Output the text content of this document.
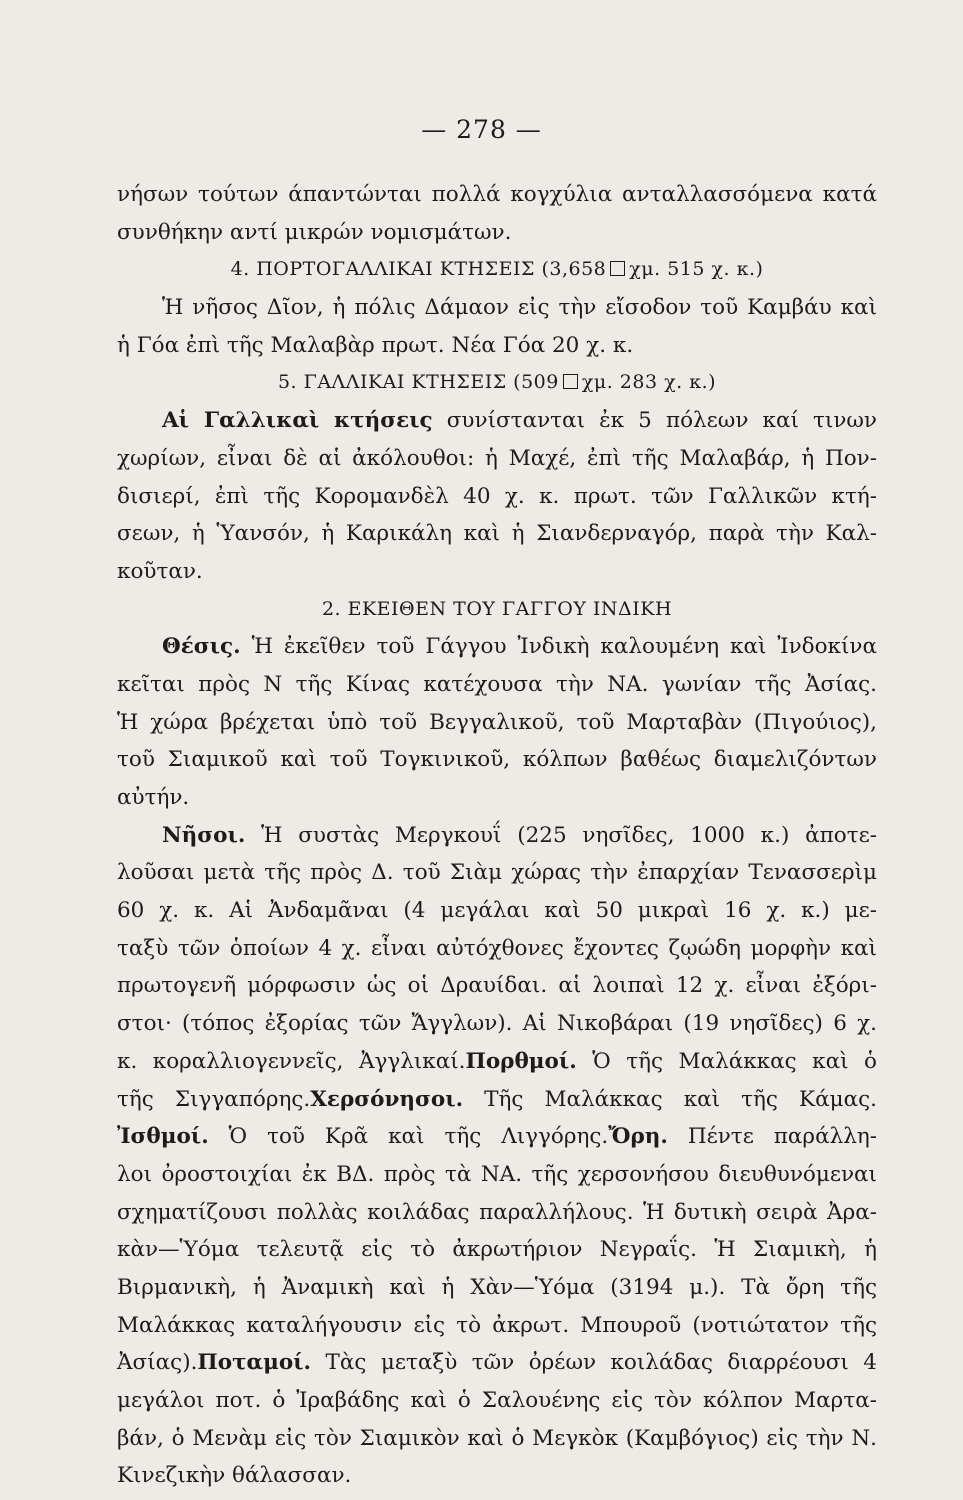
— 278 —
νήσων τούτων άπαντώνται πολλά κογχύλια ανταλλασσόμενα κατά
συνθήκην αντί μικρών νομισμάτων.
4. ΠΟΡΤΟΓΑΛΛΙΚΑΙ ΚΤΗΣΕΙΣ (3,658 χμ. 515 χ. κ.)
Ἡ νῆσος Δῖον, ἡ πόλις Δάμαον εἰς τὴν εἴσοδον τοῦ Καμβάυ καὶ
ἡ Γόα ἐπὶ τῆς Μαλαβὰρ πρωτ. Νέα Γόα 20 χ. κ.
5. ΓΑΛΛΙΚΑΙ ΚΤΗΣΕΙΣ (509 χμ. 283 χ. κ.)
Αἱ Γαλλικαὶ κτήσεις συνίστανται ἐκ 5 πόλεων καί τινων
χωρίων, εἶναι δὲ αἱ ἀκόλουθοι: ἡ Μαχέ, ἐπὶ τῆς Μαλαβάρ, ἡ Πον-
δισιερί, ἐπὶ τῆς Κορομανδὲλ 40 χ. κ. πρωτ. τῶν Γαλλικῶν κτή-
σεων, ἡ Ὑανσόν, ἡ Καρικάλη καὶ ἡ Σιανδερναγόρ, παρὰ τὴν Καλ-
κοῦταν.
2. ΕΚΕΙΘΕΝ ΤΟΥ ΓΑΓΓΟΥ ΙΝΔΙΚΗ
Θέσις. Ἡ ἐκεῖθεν τοῦ Γάγγου Ἰνδικὴ καλουμένη καὶ Ἰνδοκίνα
κεῖται πρὸς Ν τῆς Κίνας κατέχουσα τὴν ΝΑ. γωνίαν τῆς Ἀσίας.
Ἡ χώρα βρέχεται ὑπὸ τοῦ Βεγγαλικοῦ, τοῦ Μαρταβὰν (Πιγούιος),
τοῦ Σιαμικοῦ καὶ τοῦ Τογκινικοῦ, κόλπων βαθέως διαμελιζόντων
αὐτήν.
Νῆσοι. Ἡ συστὰς Μεργκουΐ (225 νησῖδες, 1000 κ.) ἀποτε-
λοῦσαι μετὰ τῆς πρὸς Δ. τοῦ Σιὰμ χώρας τὴν ἐπαρχίαν Τενασσερὶμ
60 χ. κ. Αἱ Ἀνδαμᾶναι (4 μεγάλαι καὶ 50 μικραὶ 16 χ. κ.) με-
ταξὺ τῶν ὁποίων 4 χ. εἶναι αὐτόχθονες ἔχοντες ζῳώδη μορφὴν καὶ
πρωτογενῆ μόρφωσιν ὡς οἱ Δραυίδαι. αἱ λοιπαὶ 12 χ. εἶναι ἐξόρι-
στοι· (τόπος ἐξορίας τῶν Ἄγγλων). Αἱ Νικοβάραι (19 νησῖδες) 6 χ.
κ. κοραλλιογεννεῖς, Ἀγγλικαί.Πορθμοί. Ὁ τῆς Μαλάκκας καὶ ὁ
τῆς Σιγγαπόρης.Χερσόνησοι. Τῆς Μαλάκκας καὶ τῆς Κάμας.
Ἰσθμοί. Ὁ τοῦ Κρᾶ καὶ τῆς Λιγγόρης.Ὄρη. Πέντε παράλλη-
λοι ὀροστοιχίαι ἐκ ΒΔ. πρὸς τὰ ΝΑ. τῆς χερσονήσου διευθυνόμεναι
σχηματίζουσι πολλὰς κοιλάδας παραλλήλους. Ἡ δυτικὴ σειρὰ Ἀρα-
κὰν—Ὑόμα τελευτᾷ εἰς τὸ ἀκρωτήριον Νεγραΐς. Ἡ Σιαμικὴ, ἡ
Βιρμανικὴ, ἡ Ἀναμικὴ καὶ ἡ Χὰν—Ὑόμα (3194 μ.). Τὰ ὄρη τῆς
Μαλάκκας καταλήγουσιν εἰς τὸ ἀκρωτ. Μπουροῦ (νοτιώτατον τῆς
Ἀσίας).Ποταμοί. Τὰς μεταξὺ τῶν ὀρέων κοιλάδας διαρρέουσι 4
μεγάλοι ποτ. ὁ Ἰραβάδης καὶ ὁ Σαλουένης εἰς τὸν κόλπον Μαρτα-
βάν, ὁ Μενὰμ εἰς τὸν Σιαμικὸν καὶ ὁ Μεγκὸκ (Καμβόγιος) εἰς τὴν Ν.
Κινεζικὴν θάλασσαν.
